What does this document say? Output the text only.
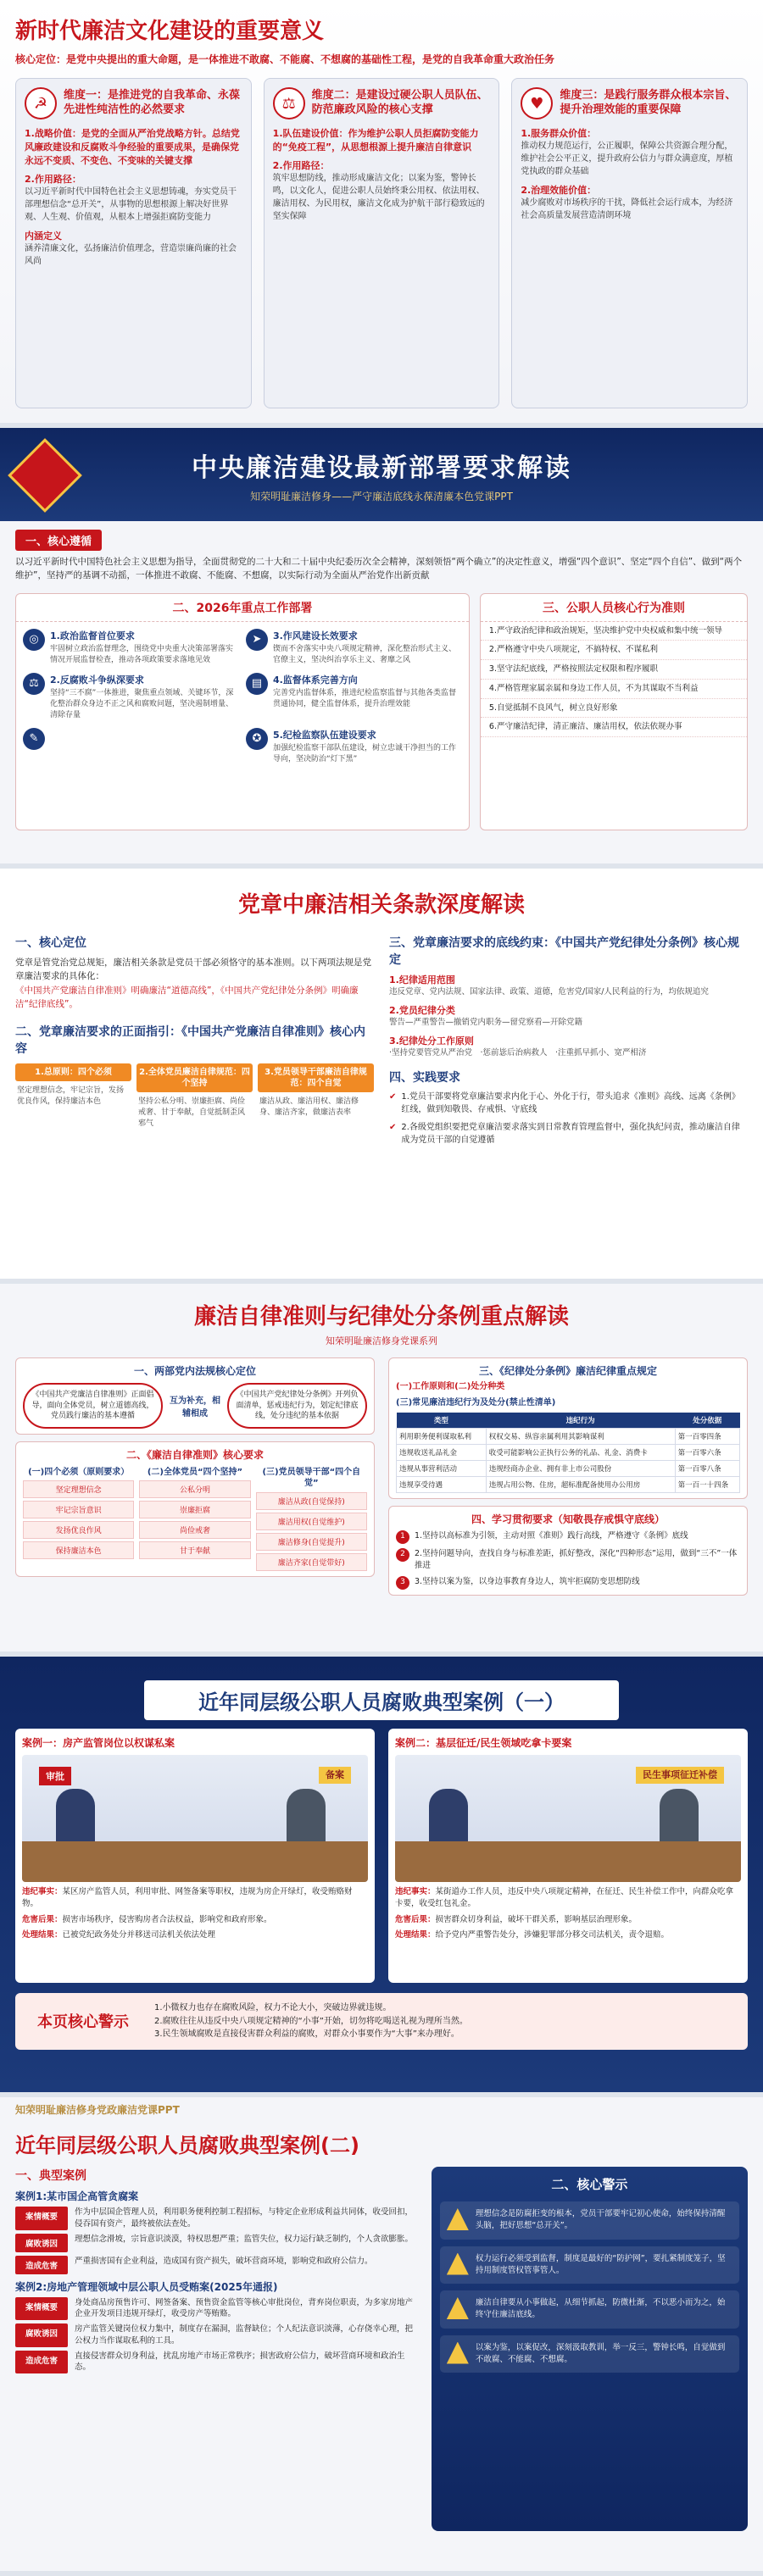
新时代廉洁文化建设的重要意义
核心定位：是党中央提出的重大命题，是一体推进不敢腐、不能腐、不想腐的基础性工程，是党的自我革命重大政治任务
☭	维度一：是推进党的自我革命、永葆先进性纯洁性的必然要求
1.战略价值：是党的全面从严治党战略方针。总结党风廉政建设和反腐败斗争经验的重要成果，是确保党永远不变质、不变色、不变味的关键支撑
2.作用路径：
以习近平新时代中国特色社会主义思想铸魂，夯实党员干部理想信念“总开关”，从事物的思想根源上解决好世界观、人生观、价值观，从根本上增强拒腐防变能力
内涵定义
涵养清廉文化，弘扬廉洁价值理念，营造崇廉尚廉的社会风尚
⚖	维度二：是建设过硬公职人员队伍、防范廉政风险的核心支撑
1.队伍建设价值：作为维护公职人员拒腐防变能力的“免疫工程”，从思想根源上提升廉洁自律意识
2.作用路径：
筑牢思想防线，推动形成廉洁文化；以案为鉴，警钟长鸣，以文化人，促进公职人员始终秉公用权、依法用权、廉洁用权、为民用权，廉洁文化成为护航干部行稳致远的坚实保障
♥	维度三：是践行服务群众根本宗旨、提升治理效能的重要保障
1.服务群众价值：
推动权力规范运行，公正履职，保障公共资源合理分配，维护社会公平正义，提升政府公信力与群众满意度，厚植党执政的群众基础
2.治理效能价值：
减少腐败对市场秩序的干扰，降低社会运行成本，为经济社会高质量发展营造清朗环境
中央廉洁建设最新部署要求解读
知荣明耻廉洁修身——严守廉洁底线永葆清廉本色党课PPT
一、核心遵循
以习近平新时代中国特色社会主义思想为指导，全面贯彻党的二十大和二十届中央纪委历次全会精神，深刻领悟“两个确立”的决定性意义，增强“四个意识”、坚定“四个自信”、做到“两个维护”，坚持严的基调不动摇，一体推进不敢腐、不能腐、不想腐，以实际行动为全面从严治党作出新贡献
二、2026年重点工作部署
◎	1.政治监督首位要求
牢固树立政治监督理念，围绕党中央重大决策部署落实情况开展监督检查，推动各项政策要求落地见效
➤	3.作风建设长效要求
锲而不舍落实中央八项规定精神，深化整治形式主义、官僚主义，坚决纠治享乐主义、奢靡之风
⚖	2.反腐败斗争纵深要求
坚持“三不腐”一体推进，聚焦重点领域、关键环节，深化整治群众身边不正之风和腐败问题，坚决遏制增量、清除存量
▤	4.监督体系完善方向
完善党内监督体系，推进纪检监察监督与其他各类监督贯通协同，健全监督体系，提升治理效能
✎	✪	5.纪检监察队伍建设要求
加强纪检监察干部队伍建设，树立忠诚干净担当的工作导向，坚决防治“灯下黑”
三、公职人员核心行为准则
1.严守政治纪律和政治规矩，坚决维护党中央权威和集中统一领导
2.严格遵守中央八项规定，不搞特权、不谋私利
3.坚守法纪底线，严格按照法定权限和程序履职
4.严格管理家属亲属和身边工作人员，不为其谋取不当利益
5.自觉抵制不良风气，树立良好形象
6.严守廉洁纪律，清正廉洁、廉洁用权，依法依规办事
党章中廉洁相关条款深度解读
一、核心定位
党章是管党治党总规矩，廉洁相关条款是党员干部必须恪守的基本准则。以下两项法规是党章廉洁要求的具体化：
《中国共产党廉洁自律准则》明确廉洁“道德高线”，《中国共产党纪律处分条例》明确廉洁“纪律底线”。
二、党章廉洁要求的正面指引：《中国共产党廉洁自律准则》核心内容
1.总原则：四个必须
坚定理想信念，牢记宗旨，发扬优良作风，保持廉洁本色
2.全体党员廉洁自律规范：四个坚持
坚持公私分明、崇廉拒腐、尚俭戒奢、甘于奉献，自觉抵制歪风邪气
3.党员领导干部廉洁自律规范：四个自觉
廉洁从政、廉洁用权、廉洁修身、廉洁齐家，做廉洁表率
三、党章廉洁要求的底线约束：《中国共产党纪律处分条例》核心规定
1.纪律适用范围
违反党章、党内法规、国家法律、政策、道德，危害党/国家/人民利益的行为，均依规追究
2.党员纪律分类
警告—严重警告—撤销党内职务—留党察看—开除党籍
3.纪律处分工作原则
·坚持党要管党从严治党　·惩前毖后治病救人　·注重抓早抓小、宽严相济
四、实践要求
✔ 1.党员干部要将党章廉洁要求内化于心、外化于行，带头追求《准则》高线、远离《条例》红线，做到知敬畏、存戒惧、守底线
✔ 2.各级党组织要把党章廉洁要求落实到日常教育管理监督中，强化执纪问责，推动廉洁自律成为党员干部的自觉遵循
廉洁自律准则与纪律处分条例重点解读
知荣明耻廉洁修身党课系列
一、两部党内法规核心定位
《中国共产党廉洁自律准则》正面倡导，面向全体党员，树立道德高线，党员践行廉洁的基本遵循
互为补充，相辅相成
《中国共产党纪律处分条例》开列负面清单，惩戒违纪行为，划定纪律底线，处分违纪的基本依据
二、《廉洁自律准则》核心要求
(一)四个必须（原则要求）
坚定理想信念
牢记宗旨意识
发扬优良作风
保持廉洁本色
(二)全体党员“四个坚持”
公私分明
崇廉拒腐
尚俭戒奢
甘于奉献
(三)党员领导干部“四个自觉”
廉洁从政(自觉保持)
廉洁用权(自觉维护)
廉洁修身(自觉提升)
廉洁齐家(自觉带好)
三、《纪律处分条例》廉洁纪律重点规定
(一)工作原则和(二)处分种类
(三)常见廉洁违纪行为及处分(禁止性清单)
类型	违纪行为	处分依据
利用职务便利谋取私利	权权交易、纵容亲属利用其影响谋利	第一百零四条
违规收送礼品礼金	收受可能影响公正执行公务的礼品、礼金、消费卡	第一百零六条
违规从事营利活动	违规经商办企业、拥有非上市公司股份	第一百零八条
违规享受待遇	违规占用公物、住房，超标准配备使用办公用房	第一百一十四条
四、学习贯彻要求（知敬畏存戒惧守底线）
1	1.坚持以高标准为引领，主动对照《准则》践行高线，严格遵守《条例》底线
2	2.坚持问题导向，查找自身与标准差距，抓好整改，深化“四种形态”运用，做到“三不”一体推进
3	3.坚持以案为鉴，以身边事教育身边人，筑牢拒腐防变思想防线
近年同层级公职人员腐败典型案例（一）
案例一：房产监管岗位以权谋私案
审批	备案
违纪事实：某区房产监管人员，利用审批、网签备案等职权，违规为房企开绿灯，收受贿赂财物。
危害后果：损害市场秩序，侵害购房者合法权益，影响党和政府形象。
处理结果：已被党纪政务处分并移送司法机关依法处理
案例二：基层征迁/民生领域吃拿卡要案
民生事项征迁补偿
违纪事实：某街道办工作人员，违反中央八项规定精神，在征迁、民生补偿工作中，向群众吃拿卡要，收受红包礼金。
危害后果：损害群众切身利益，破坏干群关系，影响基层治理形象。
处理结果：给予党内严重警告处分，涉嫌犯罪部分移交司法机关，责令退赔。
本页核心警示
1.小微权力也存在腐败风险，权力不论大小，突破边界就违规。
2.腐败往往从违反中央八项规定精神的“小事”开始，切勿将吃喝送礼视为理所当然。
3.民生领域腐败是直接侵害群众利益的腐败，对群众小事要作为“大事”来办理好。
知荣明耻廉洁修身党政廉洁党课PPT
近年同层级公职人员腐败典型案例(二)
一、典型案例
案例1:某市国企高管贪腐案
案情概要
作为中层国企管理人员，利用职务便利控制工程招标，与特定企业形成利益共同体，收受回扣，侵吞国有资产，最终被依法查处。
腐败诱因
理想信念滑坡，宗旨意识淡漠，特权思想严重；监管失位，权力运行缺乏制约，个人贪欲膨胀。
造成危害
严重损害国有企业利益，造成国有资产损失，破坏营商环境，影响党和政府公信力。
案例2:房地产管理领域中层公职人员受贿案(2025年通报)
案情概要
身处商品房预售许可、网签备案、预售资金监管等核心审批岗位，背弃岗位职责，为多家房地产企业开发项目违规开绿灯，收受房产等贿赂。
腐败诱因
房产监管关键岗位权力集中，制度存在漏洞，监督缺位；个人纪法意识淡薄，心存侥幸心理，把公权力当作谋取私利的工具。
造成危害
直接侵害群众切身利益，扰乱房地产市场正常秩序；损害政府公信力，破坏营商环境和政治生态。
二、核心警示
理想信念是防腐拒变的根本，党员干部要牢记初心使命，始终保持清醒头脑，把好思想“总开关”。
权力运行必须受到监督，制度是最好的“防护网”，要扎紧制度笼子，坚持用制度管权管事管人。
廉洁自律要从小事做起，从细节抓起，防微杜渐，不以恶小而为之，始终守住廉洁底线。
以案为鉴，以案促改，深刻汲取教训，举一反三，警钟长鸣，自觉做到不敢腐、不能腐、不想腐。
